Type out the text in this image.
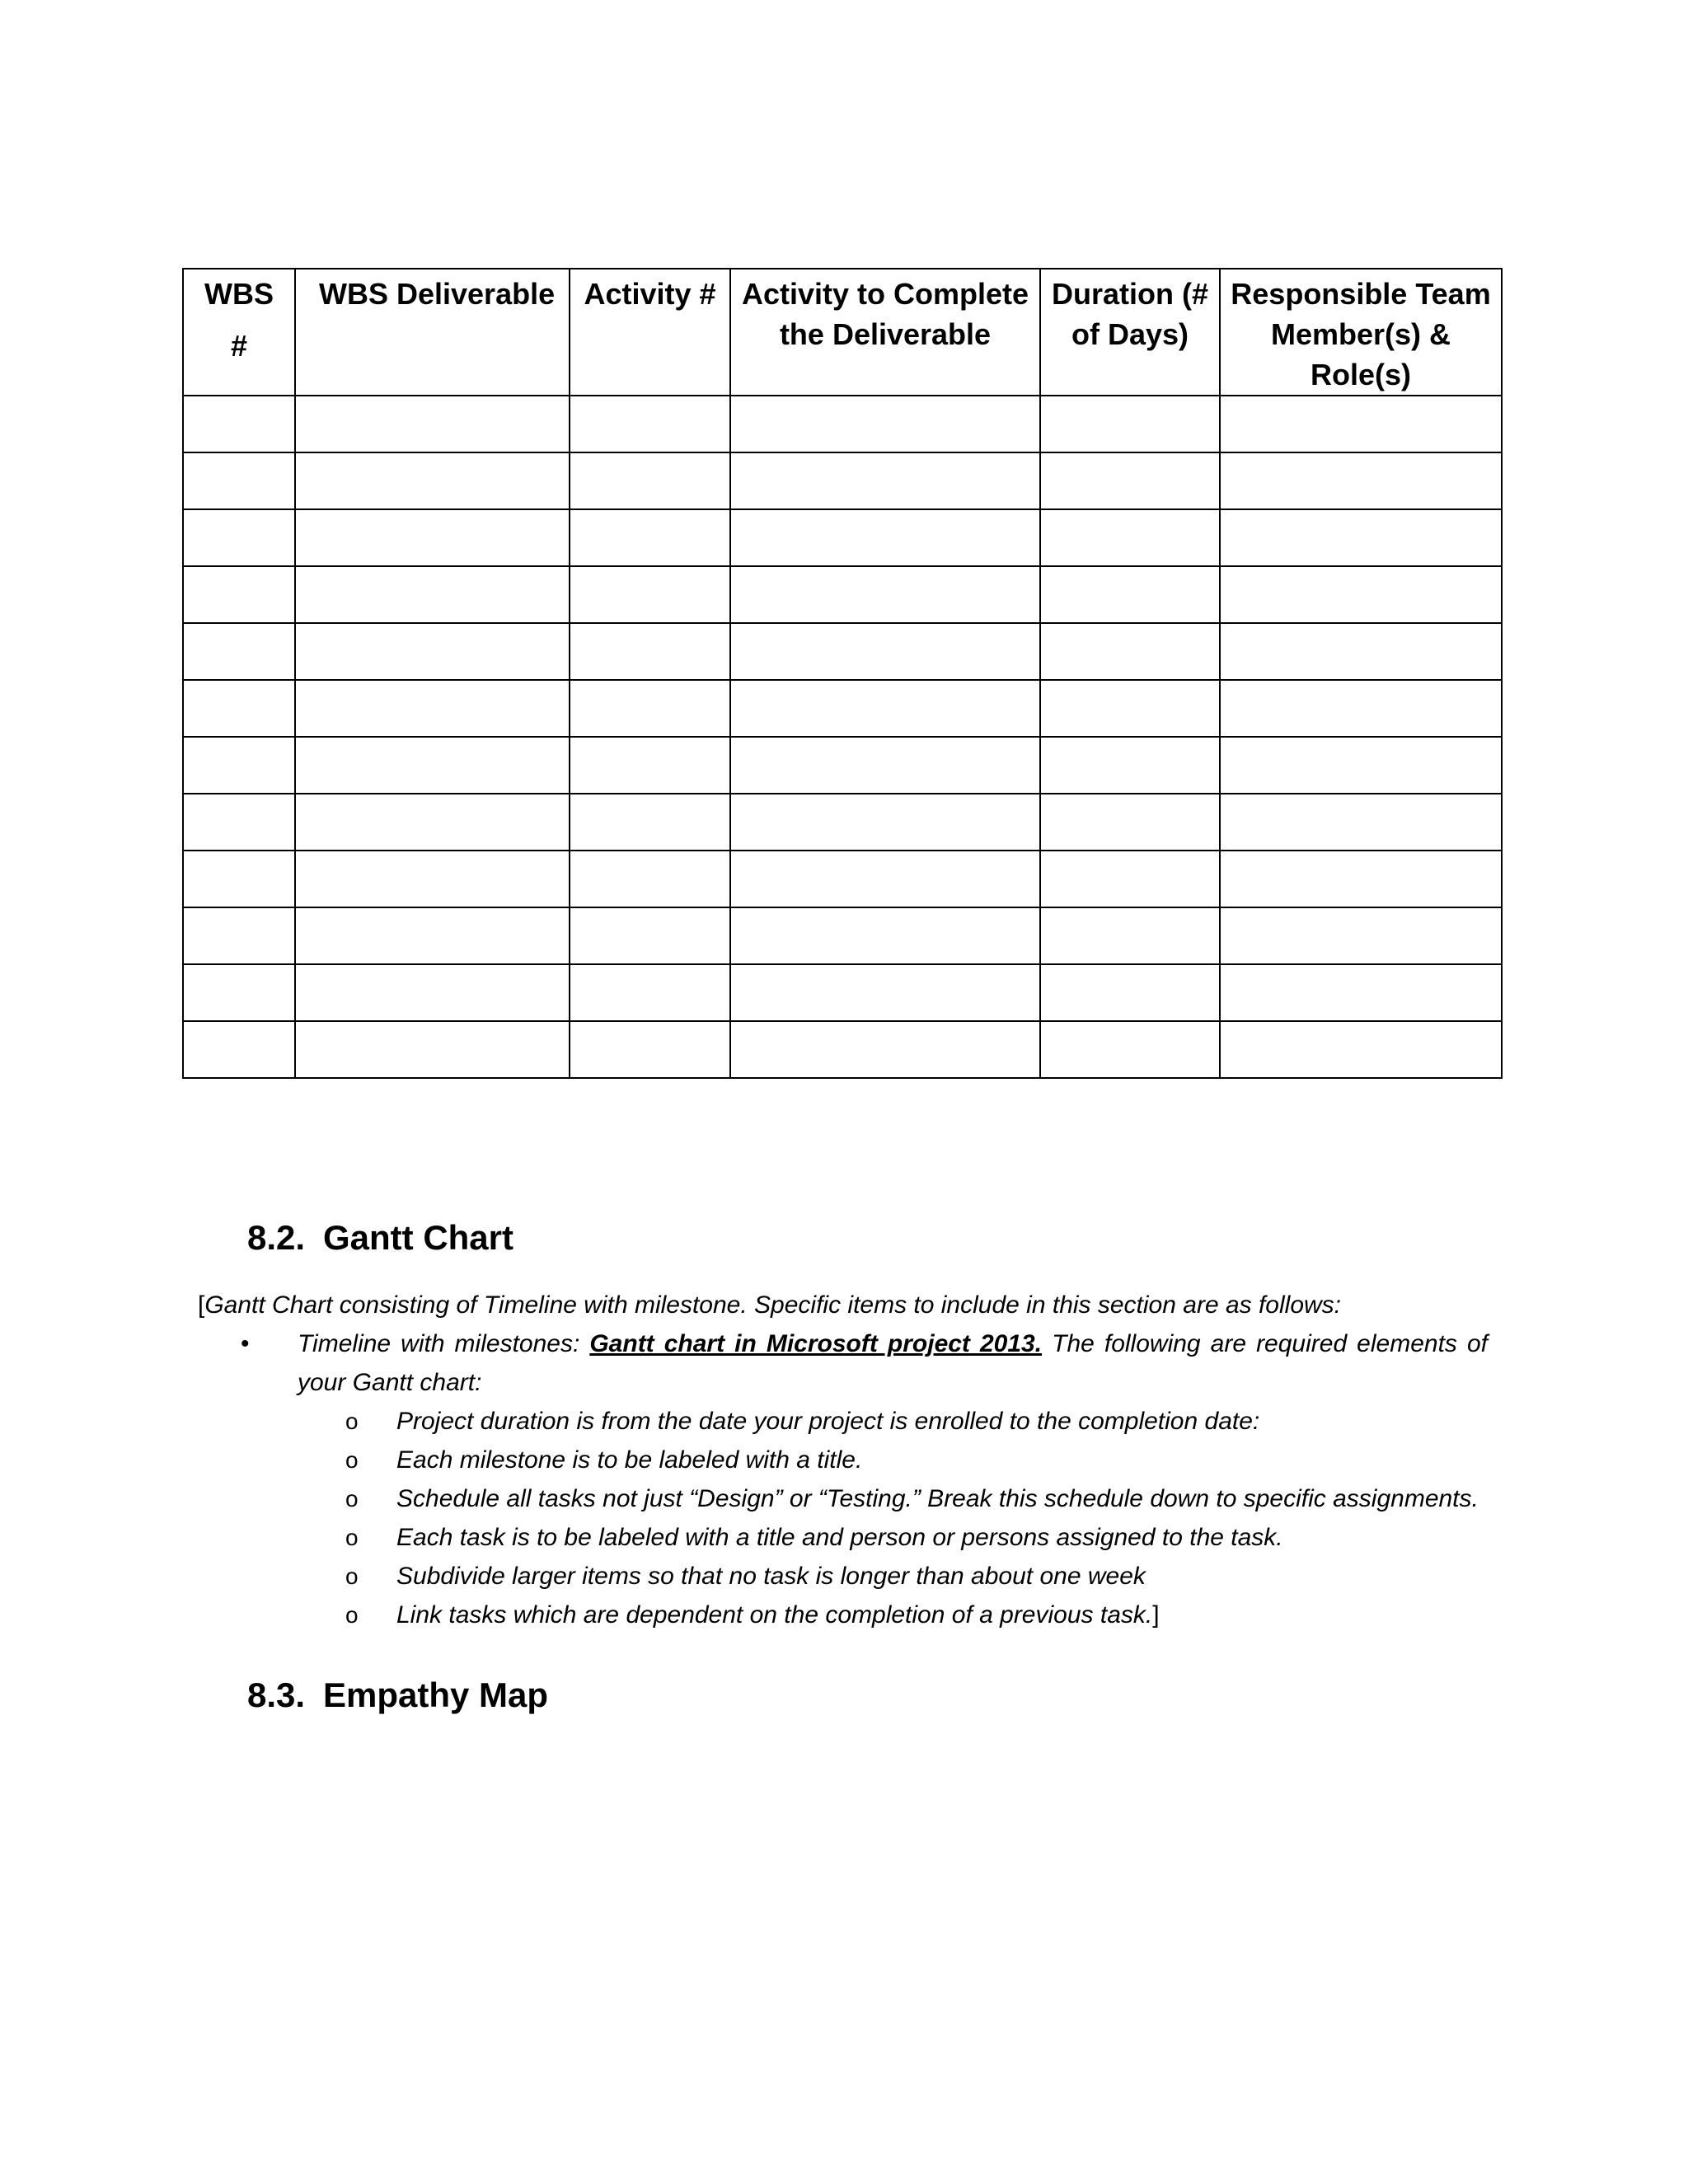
WBS
#	WBS Deliverable	Activity #	Activity to Complete the Deliverable	Duration (# of Days)	Responsible Team Member(s) & Role(s)

8.2. Gantt Chart
[Gantt Chart consisting of Timeline with milestone. Specific items to include in this section are as follows:
• Timeline with milestones: Gantt chart in Microsoft project 2013. The following are required elements of your Gantt chart:
o Project duration is from the date your project is enrolled to the completion date:
o Each milestone is to be labeled with a title.
o Schedule all tasks not just “Design” or “Testing.” Break this schedule down to specific assignments.
o Each task is to be labeled with a title and person or persons assigned to the task.
o Subdivide larger items so that no task is longer than about one week
o Link tasks which are dependent on the completion of a previous task.]
8.3. Empathy Map
